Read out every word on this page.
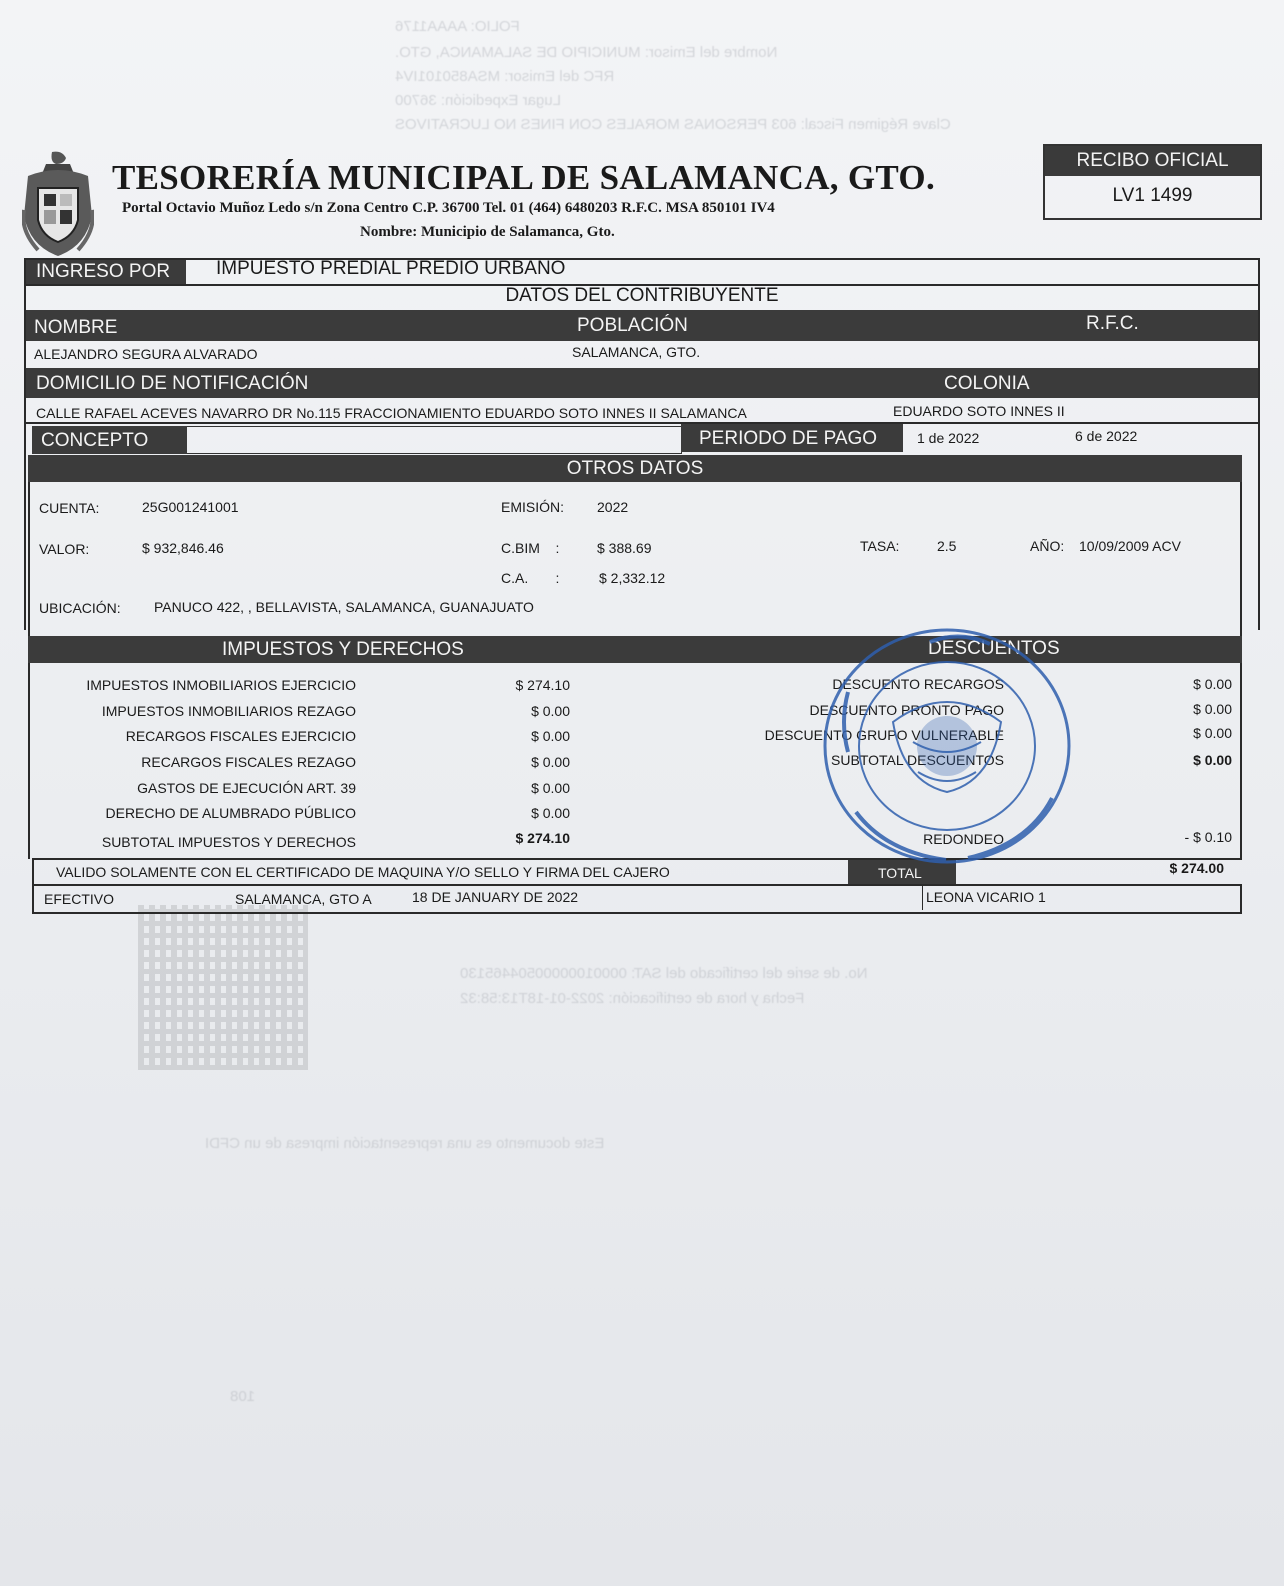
FOLIO: AAAA1176
Nombre del Emisor: MUNICIPIO DE SALAMANCA, GTO.
RFC del Emisor: MSA850101IV4
Lugar Expedición: 36700
Clave Régimen Fiscal: 603 PERSONAS MORALES CON FINES NO LUCRATIVOS
No. de serie del certificado del SAT: 00001000000504465130
Fecha y hora de certificación: 2022-01-18T13:58:32
Este documento es una representación impresa de un CFDI
108
TESORERÍA MUNICIPAL DE SALAMANCA, GTO.
Portal Octavio Muñoz Ledo s/n Zona Centro C.P. 36700 Tel. 01 (464) 6480203 R.F.C. MSA 850101 IV4
Nombre: Municipio de Salamanca, Gto.
RECIBO OFICIAL
LV1 1499
INGRESO POR IMPUESTO PREDIAL PREDIO URBANO
DATOS DEL CONTRIBUYENTE
NOMBRE	POBLACIÓN	R.F.C.
ALEJANDRO SEGURA ALVARADO	SALAMANCA, GTO.
DOMICILIO DE NOTIFICACIÓN	COLONIA
CALLE RAFAEL ACEVES NAVARRO DR No.115 FRACCIONAMIENTO EDUARDO SOTO INNES II SALAMANCA	EDUARDO SOTO INNES II
CONCEPTO	PERIODO DE PAGO	1 de 2022	6 de 2022
OTROS DATOS
CUENTA:	25G001241001	EMISIÓN: 2022
VALOR:	$ 932,846.46	C.BIM    :	$ 388.69	TASA:	2.5	AÑO: 10/09/2009 ACV
C.A.       :	$ 2,332.12
UBICACIÓN: PANUCO 422, , BELLAVISTA, SALAMANCA, GUANAJUATO
IMPUESTOS Y DERECHOS	DESCUENTOS
IMPUESTOS INMOBILIARIOS EJERCICIO	$ 274.10
IMPUESTOS INMOBILIARIOS REZAGO	$ 0.00
RECARGOS FISCALES EJERCICIO	$ 0.00
RECARGOS FISCALES REZAGO	$ 0.00
GASTOS DE EJECUCIÓN ART. 39	$ 0.00
DERECHO DE ALUMBRADO PÚBLICO	$ 0.00
SUBTOTAL IMPUESTOS Y DERECHOS	$ 274.10
DESCUENTO RECARGOS	$ 0.00
DESCUENTO PRONTO PAGO	$ 0.00
DESCUENTO GRUPO VULNERABLE	$ 0.00
SUBTOTAL DESCUENTOS	$ 0.00
REDONDEO	- $ 0.10
VALIDO SOLAMENTE CON EL CERTIFICADO DE MAQUINA Y/O SELLO Y FIRMA DEL CAJERO	TOTAL	$ 274.00
EFECTIVO	SALAMANCA, GTO A	18 DE JANUARY DE 2022	LEONA VICARIO 1
